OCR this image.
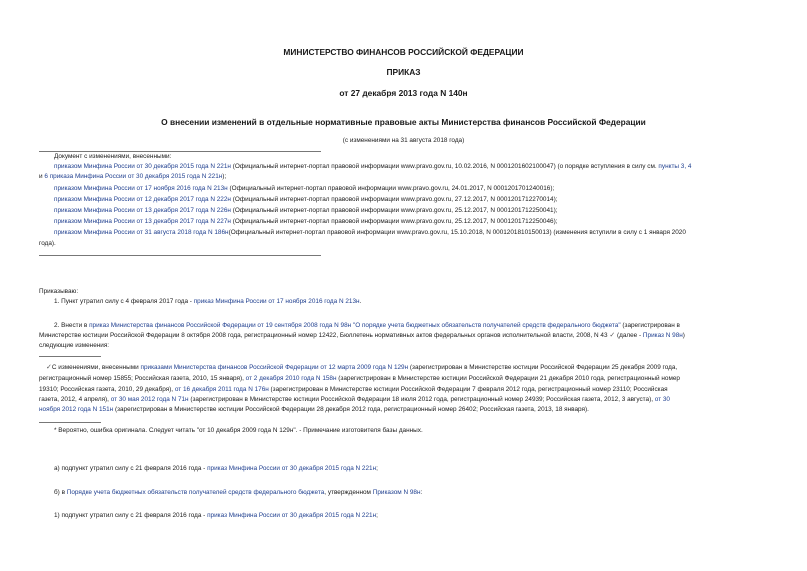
МИНИСТЕРСТВО ФИНАНСОВ РОССИЙСКОЙ ФЕДЕРАЦИИ
ПРИКАЗ
от 27 декабря 2013 года N 140н
О внесении изменений в отдельные нормативные правовые акты Министерства финансов Российской Федерации
(с изменениями на 31 августа 2018 года)
Документ с изменениями, внесенными:
приказом Минфина России от 30 декабря 2015 года N 221н (Официальный интернет-портал правовой информации www.pravo.gov.ru, 10.02.2016, N 0001201602100047) (о порядке вступления в силу см. пункты 3, 4
и 6 приказа Минфина России от 30 декабря 2015 года N 221н);
приказом Минфина России от 17 ноября 2016 года N 213н (Официальный интернет-портал правовой информации www.pravo.gov.ru, 24.01.2017, N 0001201701240016);
приказом Минфина России от 12 декабря 2017 года N 222н (Официальный интернет-портал правовой информации www.pravo.gov.ru, 27.12.2017, N 0001201712270014);
приказом Минфина России от 13 декабря 2017 года N 226н (Официальный интернет-портал правовой информации www.pravo.gov.ru, 25.12.2017, N 0001201712250041);
приказом Минфина России от 13 декабря 2017 года N 227н (Официальный интернет-портал правовой информации www.pravo.gov.ru, 25.12.2017, N 0001201712250046);
приказом Минфина России от 31 августа 2018 года N 186н(Официальный интернет-портал правовой информации www.pravo.gov.ru, 15.10.2018, N 0001201810150013) (изменения вступили в силу с 1 января 2020
года).
Приказываю:
1. Пункт утратил силу с 4 февраля 2017 года - приказ Минфина России от 17 ноября 2016 года N 213н.
2. Внести в приказ Министерства финансов Российской Федерации от 19 сентября 2008 года N 98н "О порядке учета бюджетных обязательств получателей средств федерального бюджета" (зарегистрирован в
Министерстве юстиции Российской Федерации 8 октября 2008 года, регистрационный номер 12422, Бюллетень нормативных актов федеральных органов исполнительной власти, 2008, N 43 ✓ (далее - Приказ N 98н)
следующие изменения:
✓С изменениями, внесенными приказами Министерства финансов Российской Федерации от 12 марта 2009 года N 129н (зарегистрирован в Министерстве юстиции Российской Федерации 25 декабря 2009 года,
регистрационный номер 15855; Российская газета, 2010, 15 января), от 2 декабря 2010 года N 158н (зарегистрирован в Министерстве юстиции Российской Федерации 21 декабря 2010 года, регистрационный номер
19310; Российская газета, 2010, 29 декабря), от 16 декабря 2011 года N 176н (зарегистрирован в Министерстве юстиции Российской Федерации 7 февраля 2012 года, регистрационный номер 23110; Российская
газета, 2012, 4 апреля), от 30 мая 2012 года N 71н (зарегистрирован в Министерстве юстиции Российской Федерации 18 июля 2012 года, регистрационный номер 24939; Российская газета, 2012, 3 августа), от 30
ноября 2012 года N 151н (зарегистрирован в Министерстве юстиции Российской Федерации 28 декабря 2012 года, регистрационный номер 26402; Российская газета, 2013, 18 января).
* Вероятно, ошибка оригинала. Следует читать "от 10 декабря 2009 года N 129н". - Примечание изготовителя базы данных.
а) подпункт утратил силу с 21 февраля 2016 года - приказ Минфина России от 30 декабря 2015 года N 221н;
б) в Порядке учета бюджетных обязательств получателей средств федерального бюджета, утвержденном Приказом N 98н:
1) подпункт утратил силу с 21 февраля 2016 года - приказ Минфина России от 30 декабря 2015 года N 221н;
